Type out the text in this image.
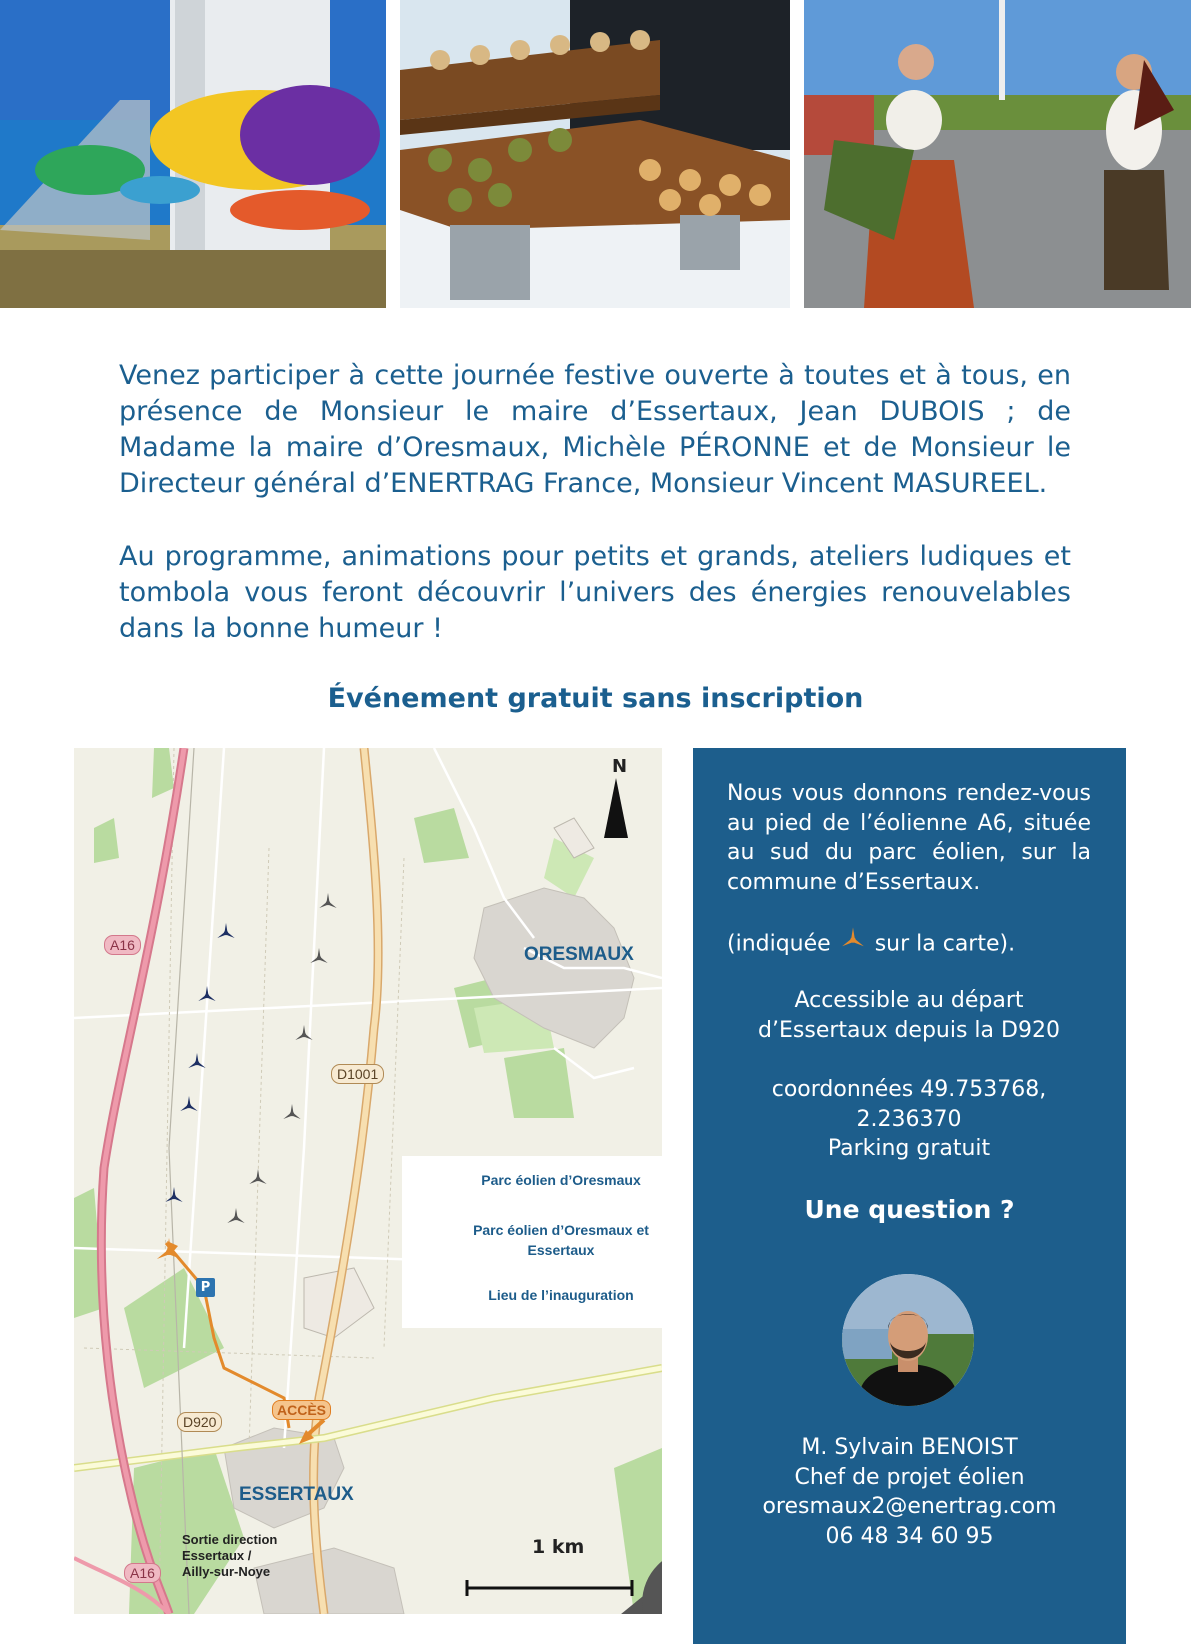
Venez participer à cette journée festive ouverte à toutes et à tous, en présence de Monsieur le maire d’Essertaux, Jean DUBOIS ; de Madame la maire d’Oresmaux, Michèle PÉRONNE et de Monsieur le Directeur général d’ENERTRAG France, Monsieur Vincent MASUREEL.

Au programme, animations pour petits et grands, ateliers ludiques et tombola vous feront découvrir l’univers des énergies renouvelables dans la bonne humeur !

Événement gratuit sans inscription

ORESMAUX
ESSERTAUX
A16
A16
D1001
D920
ACCÈS
N
P
Sortie direction
Essertaux /
Ailly-sur-Noye
1 km
Parc éolien d’Oresmaux
Parc éolien d’Oresmaux et Essertaux
Lieu de l’inauguration

Nous vous donnons rendez-vous au pied de l’éolienne A6, située au sud du parc éolien, sur la commune d’Essertaux.

(indiquée sur la carte).

Accessible au départ d’Essertaux depuis la D920

coordonnées 49.753768, 2.236370

Parking gratuit

Une question ?

M. Sylvain BENOIST
Chef de projet éolien
oresmaux2@enertrag.com
06 48 34 60 95
